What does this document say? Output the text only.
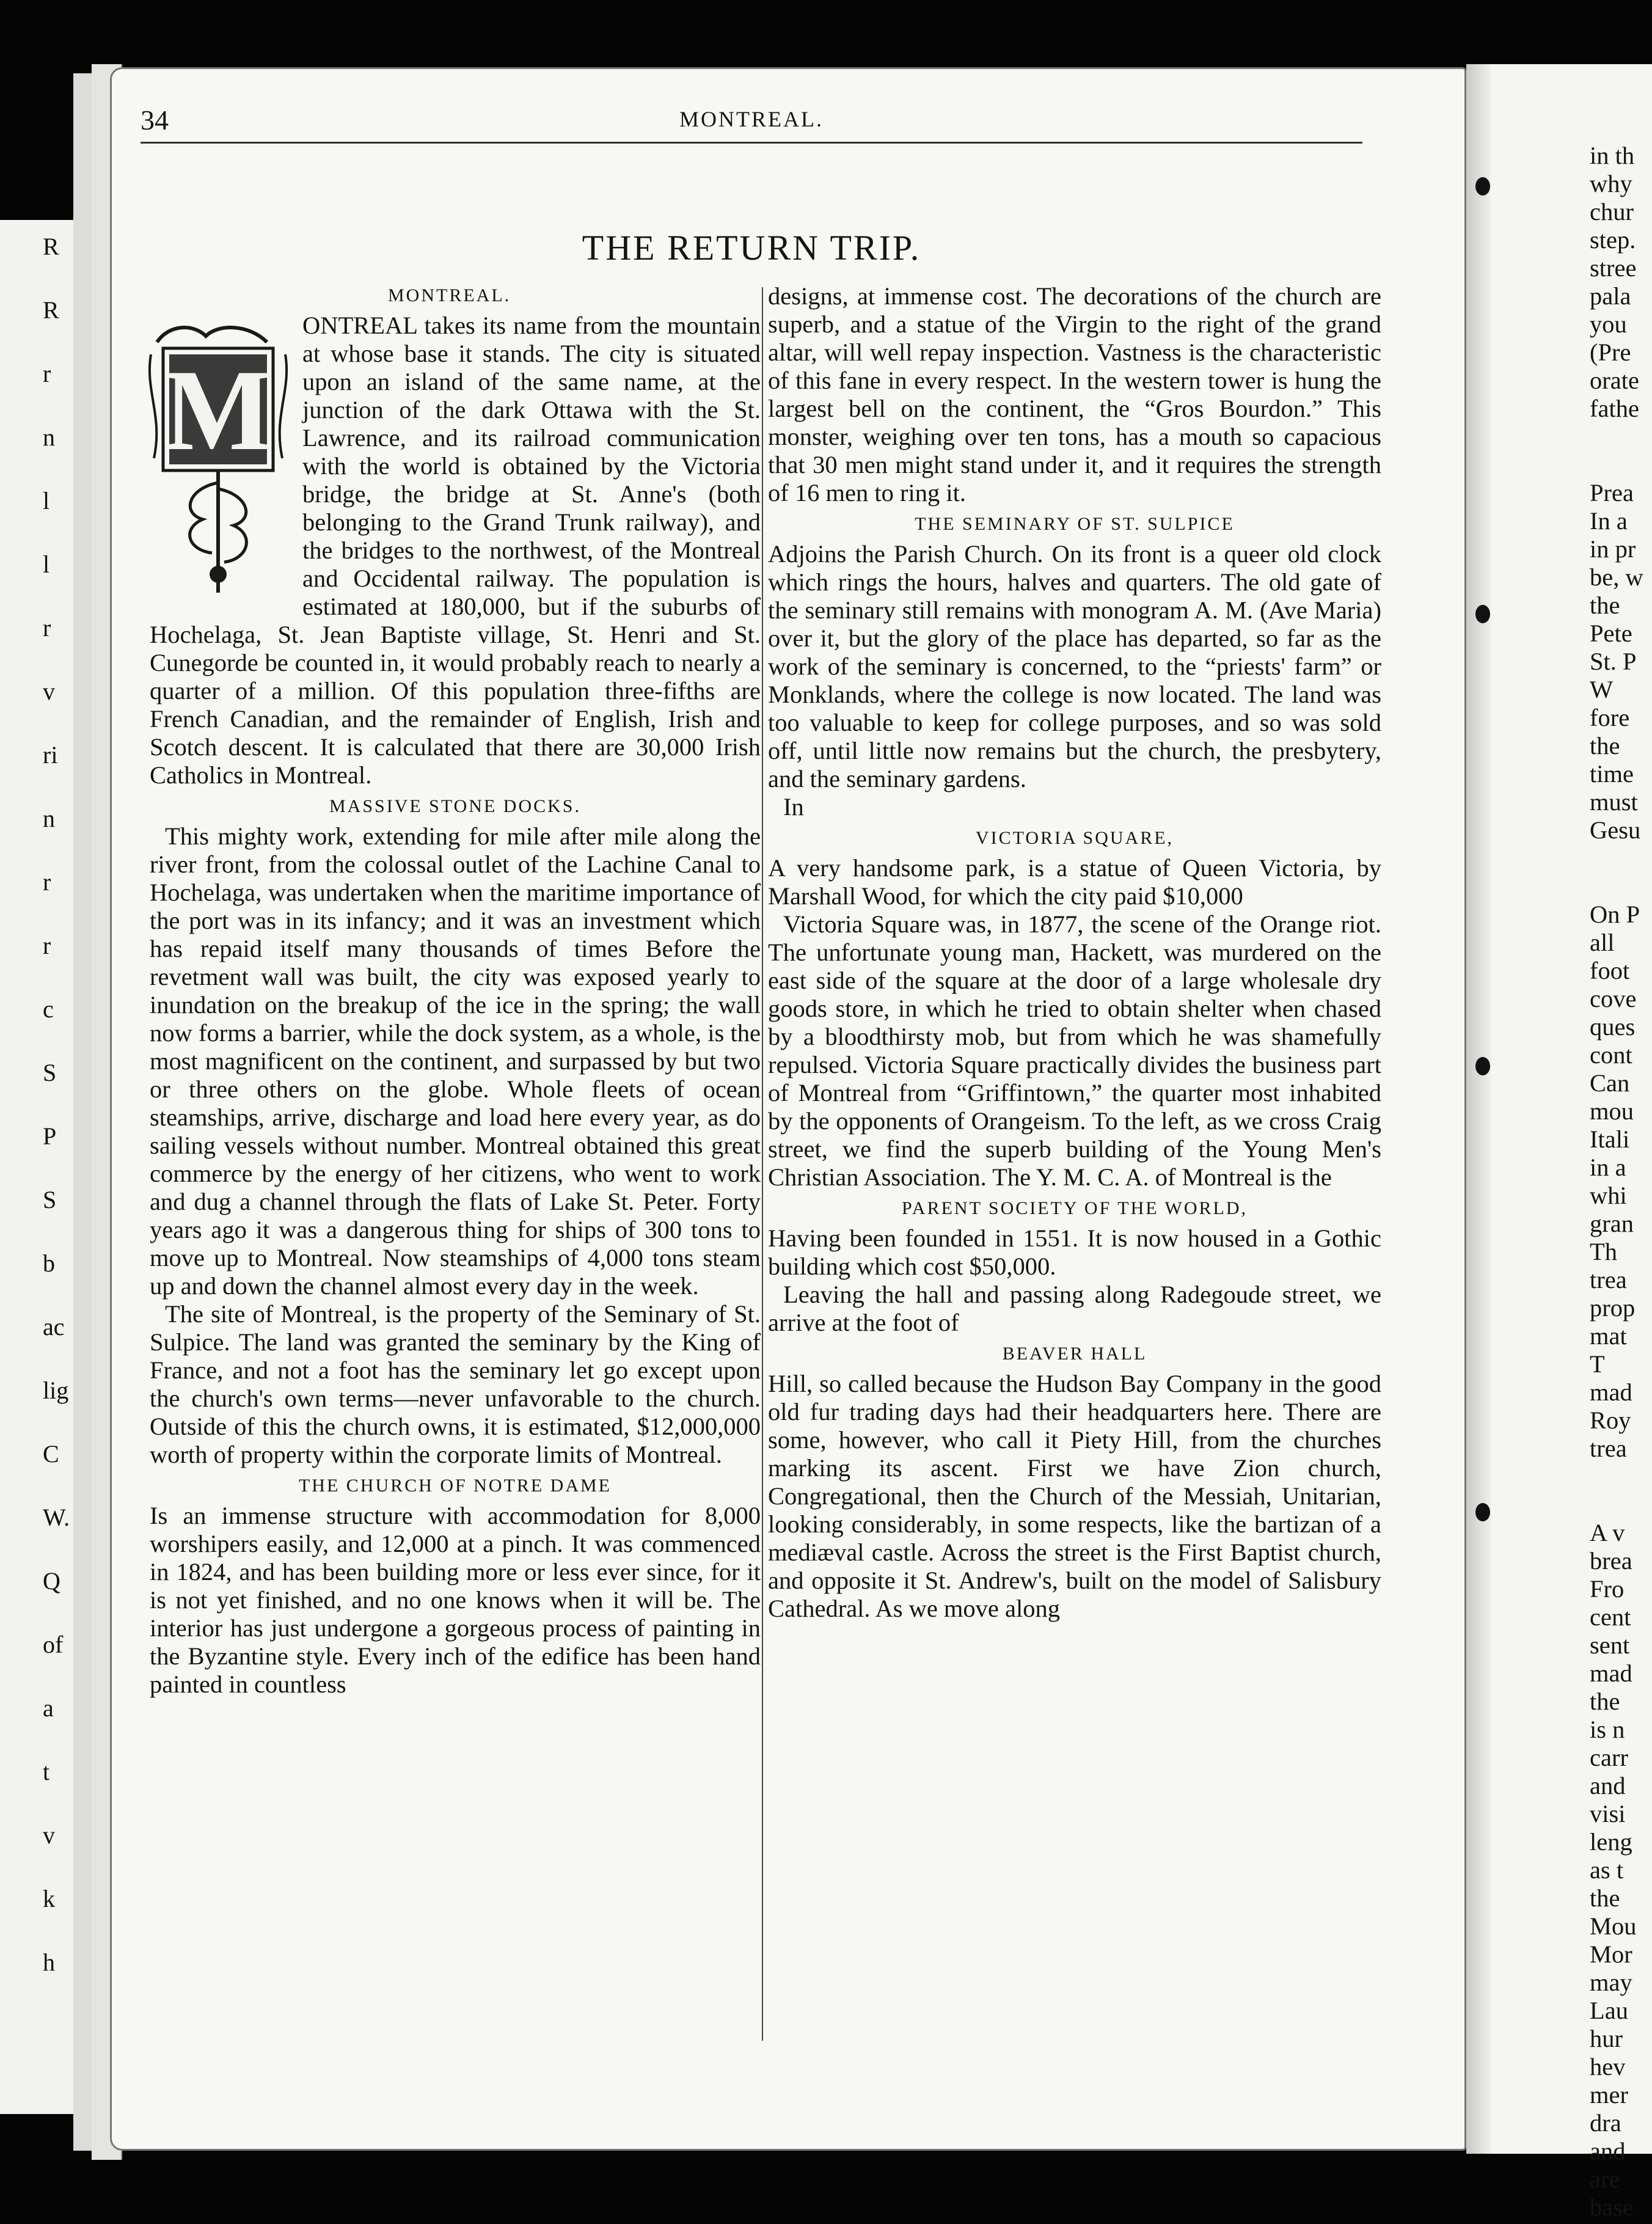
R
R
r
n
l
l
r
v
ri
n
r
r
c
S
P
S
b
ac
lig
C
W.
Q
of
a
t
v
k
h
34	MONTREAL.
THE RETURN TRIP.
MONTREAL.
M

ONTREAL takes its name from the mountain at whose base it stands. The city is situated upon an island of the same name, at the junction of the dark Ottawa with the St. Lawrence, and its railroad communication with the world is obtained by the Victoria bridge, the bridge at St. Anne's (both belonging to the Grand Trunk railway), and the bridges to the northwest, of the Montreal and Occidental railway. The population is estimated at 180,000, but if the suburbs of Hochelaga, St. Jean Baptiste village, St. Henri and St. Cunegorde be counted in, it would probably reach to nearly a quarter of a million. Of this population three-fifths are French Canadian, and the remainder of English, Irish and Scotch descent. It is calculated that there are 30,000 Irish Catholics in Montreal.

MASSIVE STONE DOCKS.

This mighty work, extending for mile after mile along the river front, from the colossal outlet of the Lachine Canal to Hochelaga, was undertaken when the maritime importance of the port was in its infancy; and it was an investment which has repaid itself many thousands of times Before the revetment wall was built, the city was exposed yearly to inundation on the breakup of the ice in the spring; the wall now forms a barrier, while the dock system, as a whole, is the most magnificent on the continent, and surpassed by but two or three others on the globe. Whole fleets of ocean steamships, arrive, discharge and load here every year, as do sailing vessels without number. Montreal obtained this great commerce by the energy of her citizens, who went to work and dug a channel through the flats of Lake St. Peter. Forty years ago it was a dangerous thing for ships of 300 tons to move up to Montreal. Now steamships of 4,000 tons steam up and down the channel almost every day in the week.

The site of Montreal, is the property of the Seminary of St. Sulpice. The land was granted the seminary by the King of France, and not a foot has the seminary let go except upon the church's own terms—never unfavorable to the church. Outside of this the church owns, it is estimated, $12,000,000 worth of property within the corporate limits of Montreal.

THE CHURCH OF NOTRE DAME

Is an immense structure with accommodation for 8,000 worshipers easily, and 12,000 at a pinch. It was commenced in 1824, and has been building more or less ever since, for it is not yet finished, and no one knows when it will be. The interior has just undergone a gorgeous process of painting in the Byzantine style. Every inch of the edifice has been hand painted in countless

designs, at immense cost. The decorations of the church are superb, and a statue of the Virgin to the right of the grand altar, will well repay inspection. Vastness is the characteristic of this fane in every respect. In the western tower is hung the largest bell on the continent, the “Gros Bourdon.” This monster, weighing over ten tons, has a mouth so capacious that 30 men might stand under it, and it requires the strength of 16 men to ring it.

THE SEMINARY OF ST. SULPICE

Adjoins the Parish Church. On its front is a queer old clock which rings the hours, halves and quarters. The old gate of the seminary still remains with monogram A. M. (Ave Maria) over it, but the glory of the place has departed, so far as the work of the seminary is concerned, to the “priests' farm” or Monklands, where the college is now located. The land was too valuable to keep for college purposes, and so was sold off, until little now remains but the church, the presbytery, and the seminary gardens.

In

VICTORIA SQUARE,

A very handsome park, is a statue of Queen Victoria, by Marshall Wood, for which the city paid $10,000

Victoria Square was, in 1877, the scene of the Orange riot. The unfortunate young man, Hackett, was murdered on the east side of the square at the door of a large wholesale dry goods store, in which he tried to obtain shelter when chased by a bloodthirsty mob, but from which he was shamefully repulsed. Victoria Square practically divides the business part of Montreal from “Griffintown,” the quarter most inhabited by the opponents of Orangeism. To the left, as we cross Craig street, we find the superb building of the Young Men's Christian Association. The Y. M. C. A. of Montreal is the

PARENT SOCIETY OF THE WORLD,

Having been founded in 1551. It is now housed in a Gothic building which cost $50,000.

Leaving the hall and passing along Radegoude street, we arrive at the foot of

BEAVER HALL

Hill, so called because the Hudson Bay Company in the good old fur trading days had their headquarters here. There are some, however, who call it Piety Hill, from the churches marking its ascent. First we have Zion church, Congregational, then the Church of the Messiah, Unitarian, looking considerably, in some respects, like the bartizan of a mediæval castle. Across the street is the First Baptist church, and opposite it St. Andrew's, built on the model of Salisbury Cathedral. As we move along

in th
why
chur
step.
stree
pala
you
(Pre
orate
fathe
Prea
In a
in pr
be, w
the
Pete
St. P
W
fore
the
time
must
Gesu
On P
all
foot
cove
ques
cont
Can
mou
Itali
in a
whi
gran
Th
trea
prop
mat
T
mad
Roy
trea
A v
brea
Fro
cent
sent
mad
the
is n
carr
and
visi
leng
as t
the
Mou
Mor
may
Lau
hur
hev
mer
dra
and
are
base
